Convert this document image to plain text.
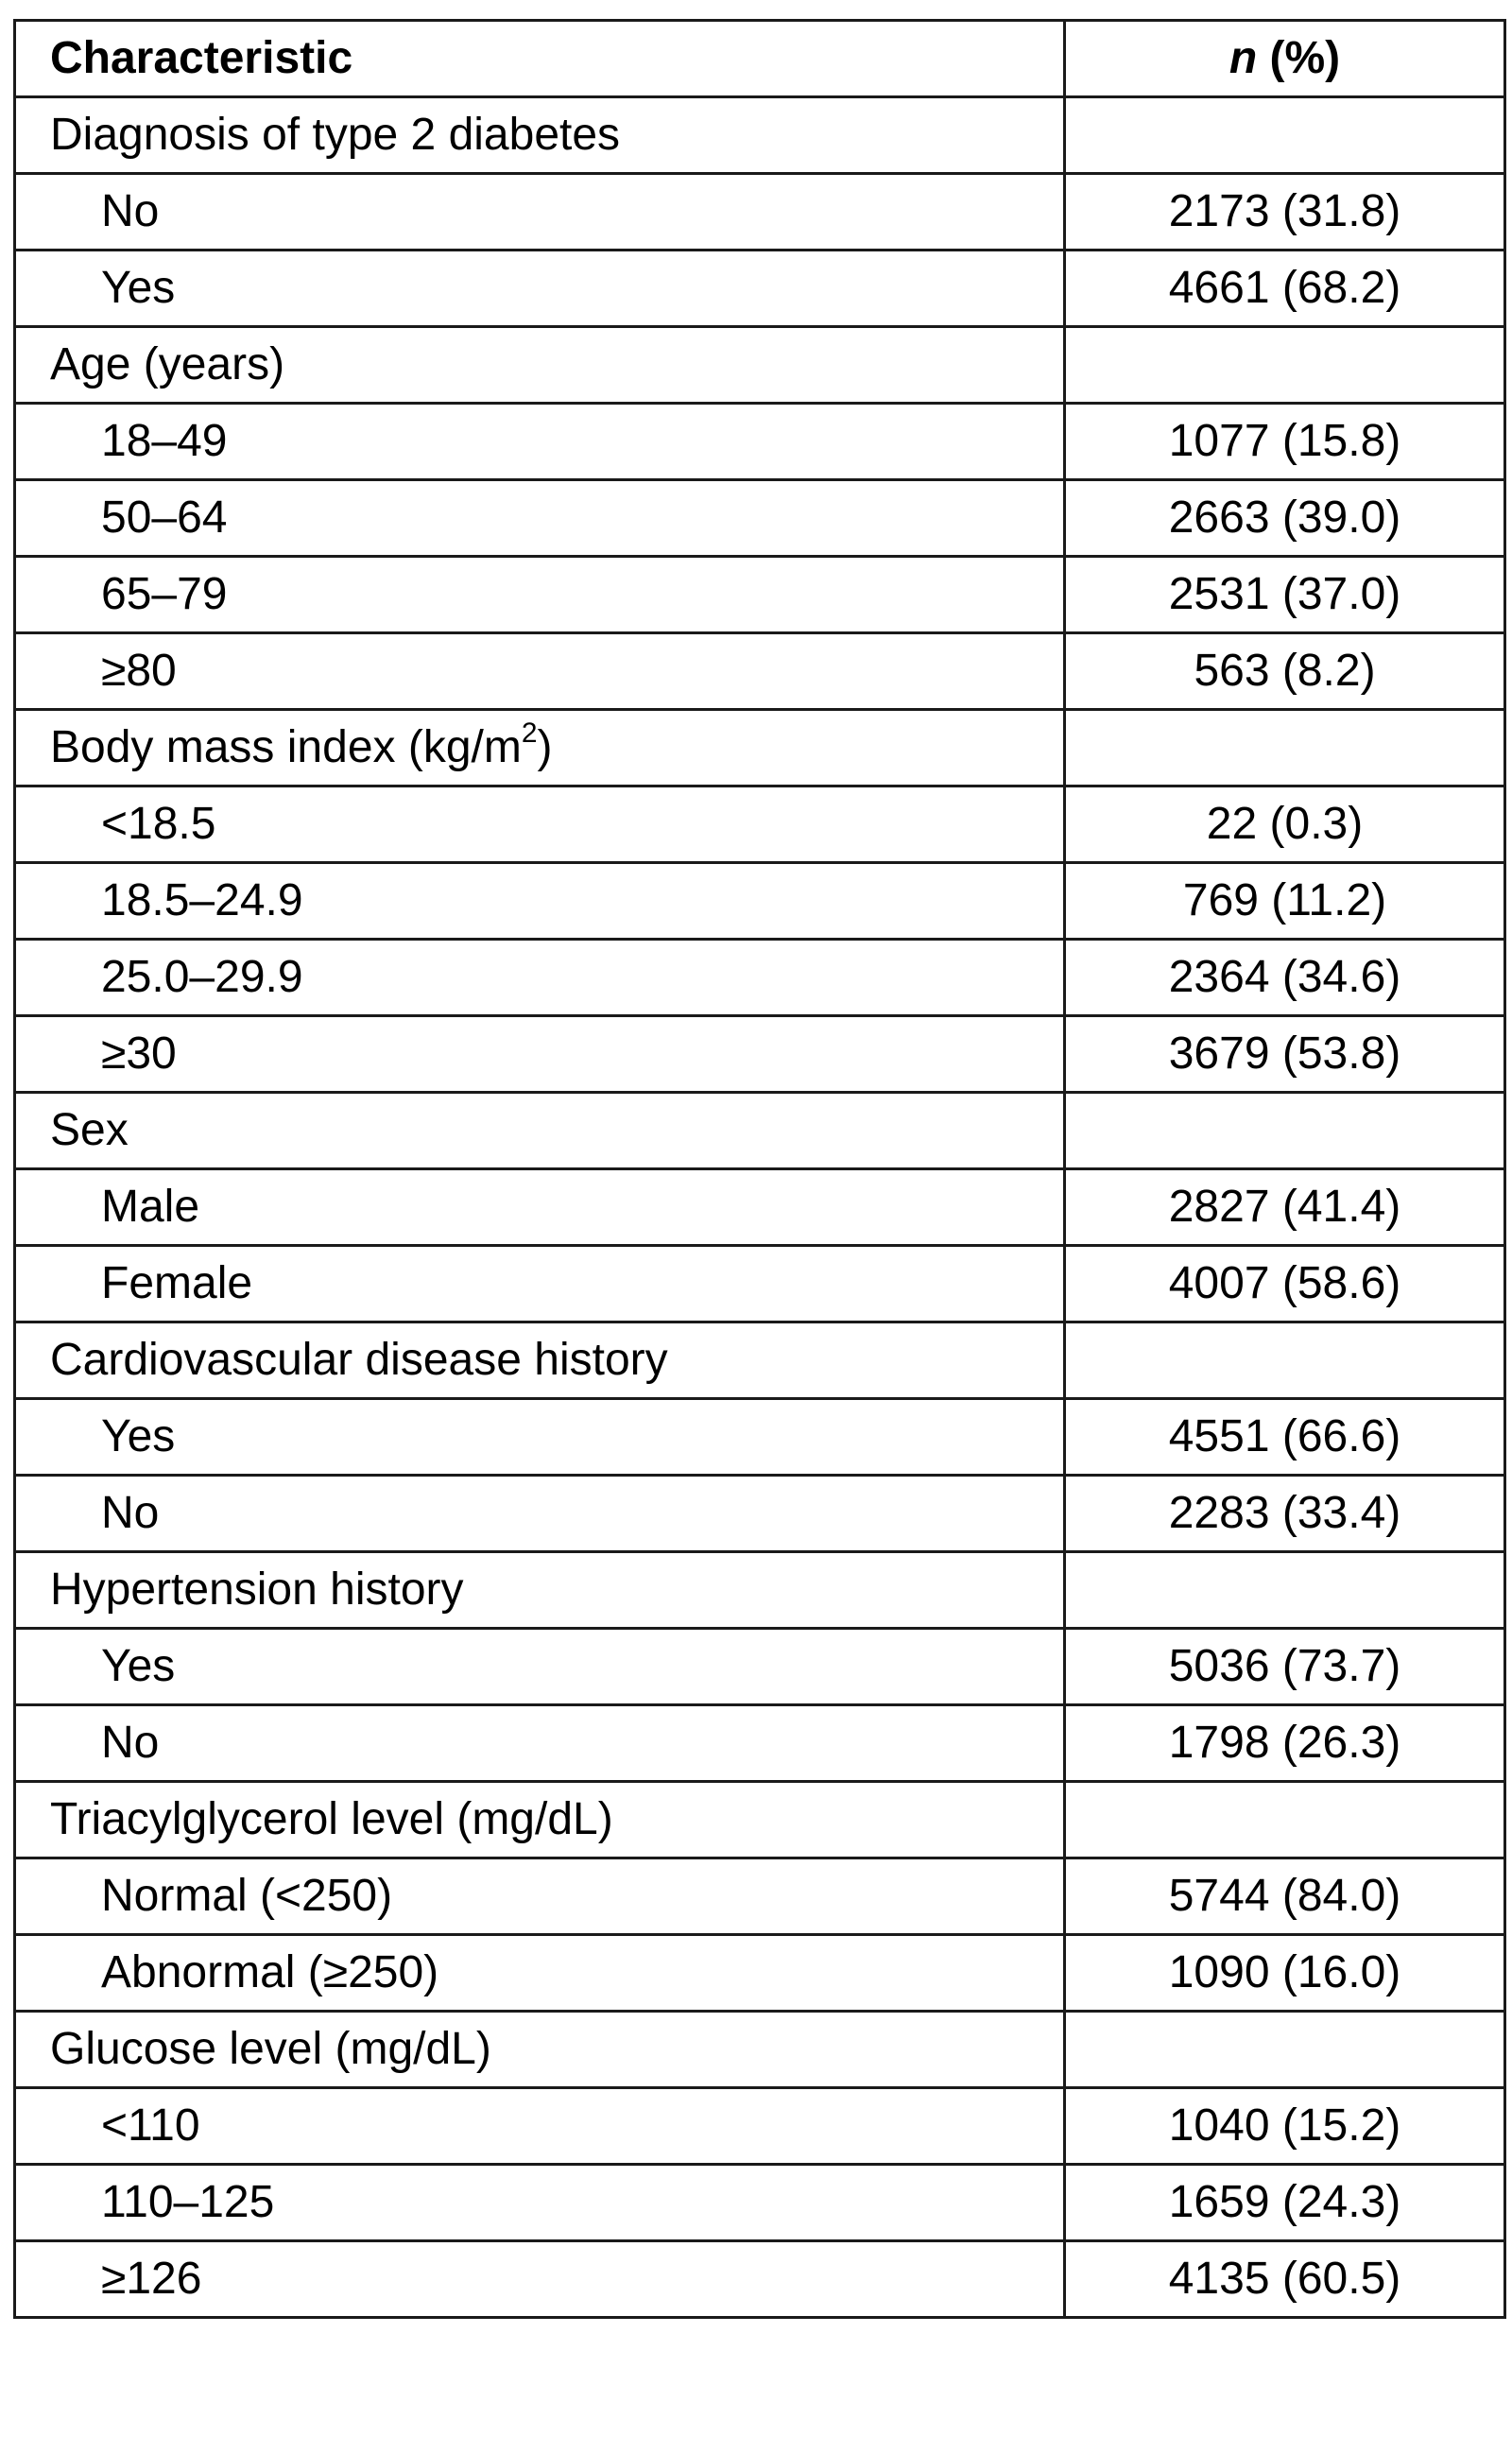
Characteristic	n (%)
Diagnosis of type 2 diabetes	
No	2173 (31.8)
Yes	4661 (68.2)
Age (years)	
18–49	1077 (15.8)
50–64	2663 (39.0)
65–79	2531 (37.0)
≥80	563 (8.2)
Body mass index $(kg/m^2)$	
<18.5	22 (0.3)
18.5–24.9	769 (11.2)
25.0–29.9	2364 (34.6)
≥30	3679 (53.8)
Sex	
Male	2827 (41.4)
Female	4007 (58.6)
Cardiovascular disease history	
Yes	4551 (66.6)
No	2283 (33.4)
Hypertension history	
Yes	5036 (73.7)
No	1798 (26.3)
Triacylglycerol level (mg/dL)	
Normal (<250)	5744 (84.0)
Abnormal (≥250)	1090 (16.0)
Glucose level (mg/dL)	
<110	1040 (15.2)
110–125	1659 (24.3)
≥126	4135 (60.5)
